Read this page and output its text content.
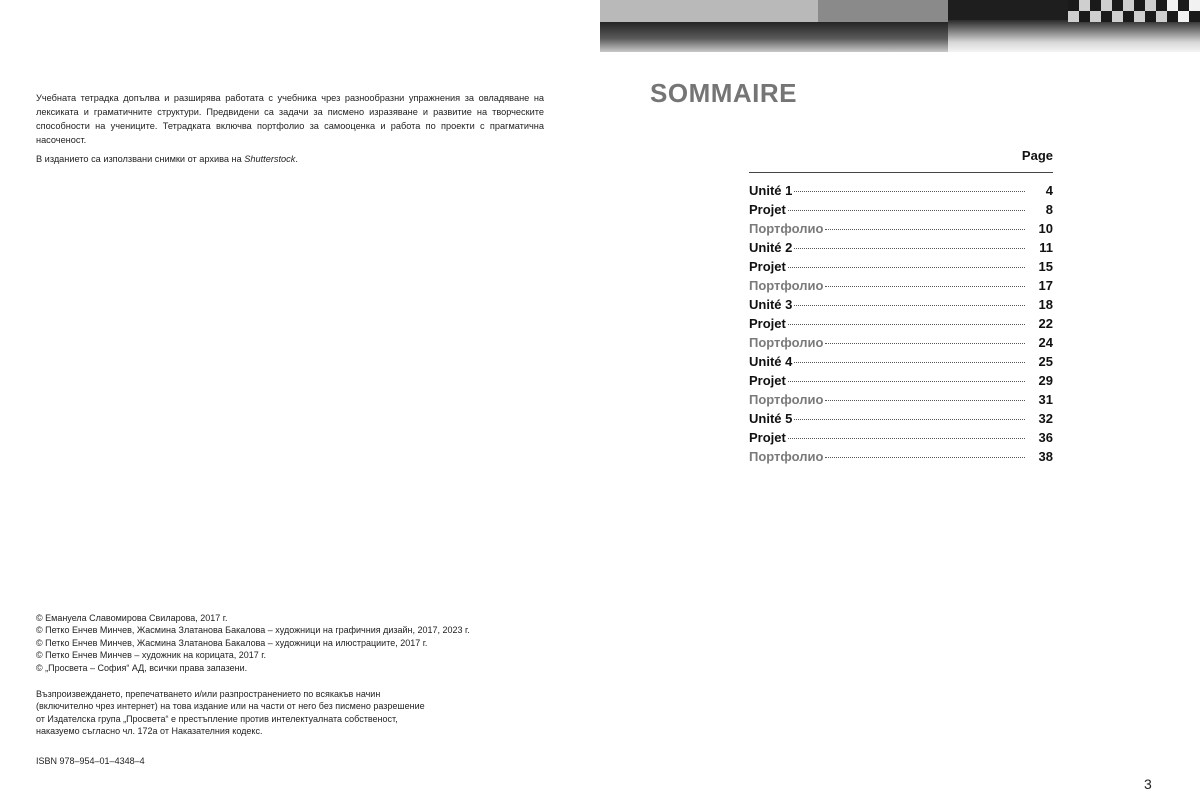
Учебната тетрадка допълва и разширява работата с учебника чрез разнообразни упражнения за овладяване на лексиката и граматичните структури. Предвидени са задачи за писмено изразяване и развитие на творческите способности на учениците. Тетрадката включва портфолио за самооценка и работа по проекти с прагматична насоченост.

В изданието са използвани снимки от архива на Shutterstock.
© Емануела Славомирова Свиларова, 2017 г.
© Петко Енчев Минчев, Жасмина Златанова Бакалова – художници на графичния дизайн, 2017, 2023 г.
© Петко Енчев Минчев, Жасмина Златанова Бакалова – художници на илюстрациите, 2017 г.
© Петко Енчев Минчев – художник на корицата, 2017 г.
© „Просвета – София“ АД, всички права запазени.
Възпроизвеждането, препечатването и/или разпространението по всякакъв начин
(включително чрез интернет) на това издание или на части от него без писмено разрешение
от Издателска група „Просвета“ е престъпление против интелектуалната собственост,
наказуемо съгласно чл. 172а от Наказателния кодекс.
ISBN 978–954–01–4348–4
SOMMAIRE
Page
Unité 1	4
Projet	8
Портфолио	10
Unité 2	11
Projet	15
Портфолио	17
Unité 3	18
Projet	22
Портфолио	24
Unité 4	25
Projet	29
Портфолио	31
Unité 5	32
Projet	36
Портфолио	38
3
